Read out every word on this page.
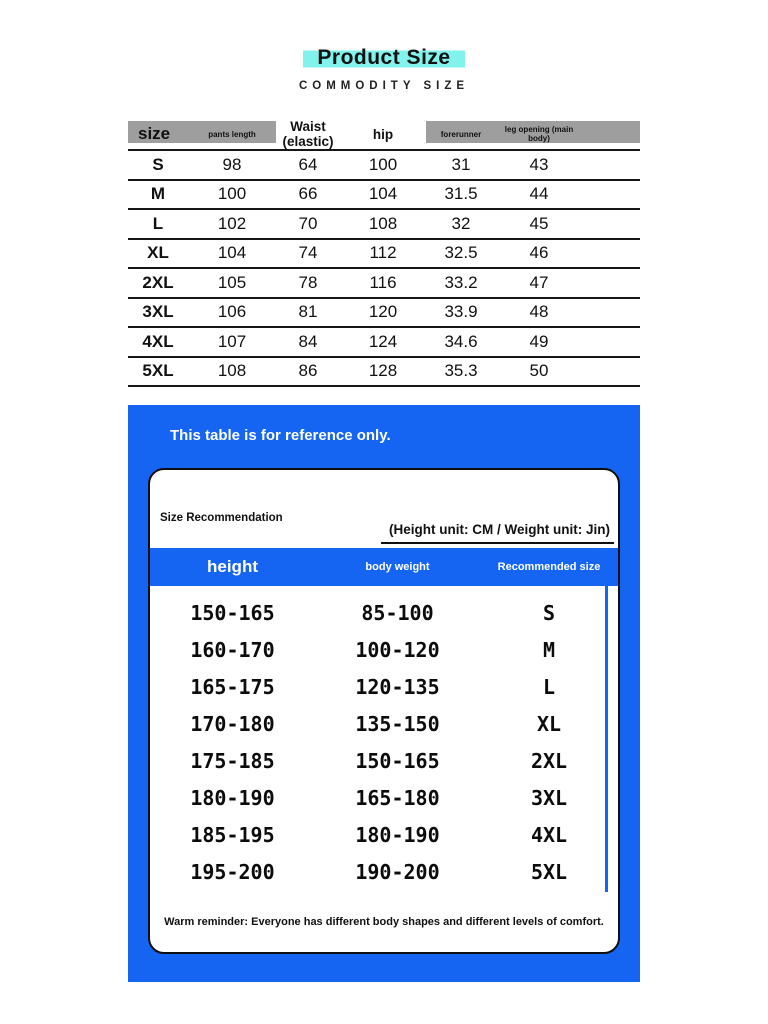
Product Size
COMMODITY SIZE
size	pants length	Waist (elastic)	hip	forerunner	leg opening (main body)
S	98	64	100	31	43
M	100	66	104	31.5	44
L	102	70	108	32	45
XL	104	74	112	32.5	46
2XL	105	78	116	33.2	47
3XL	106	81	120	33.9	48
4XL	107	84	124	34.6	49
5XL	108	86	128	35.3	50
This table is for reference only.
Size Recommendation
(Height unit: CM / Weight unit: Jin)
height	body weight	Recommended size
150-165	85-100	S
160-170	100-120	M
165-175	120-135	L
170-180	135-150	XL
175-185	150-165	2XL
180-190	165-180	3XL
185-195	180-190	4XL
195-200	190-200	5XL
Warm reminder: Everyone has different body shapes and different levels of comfort.
